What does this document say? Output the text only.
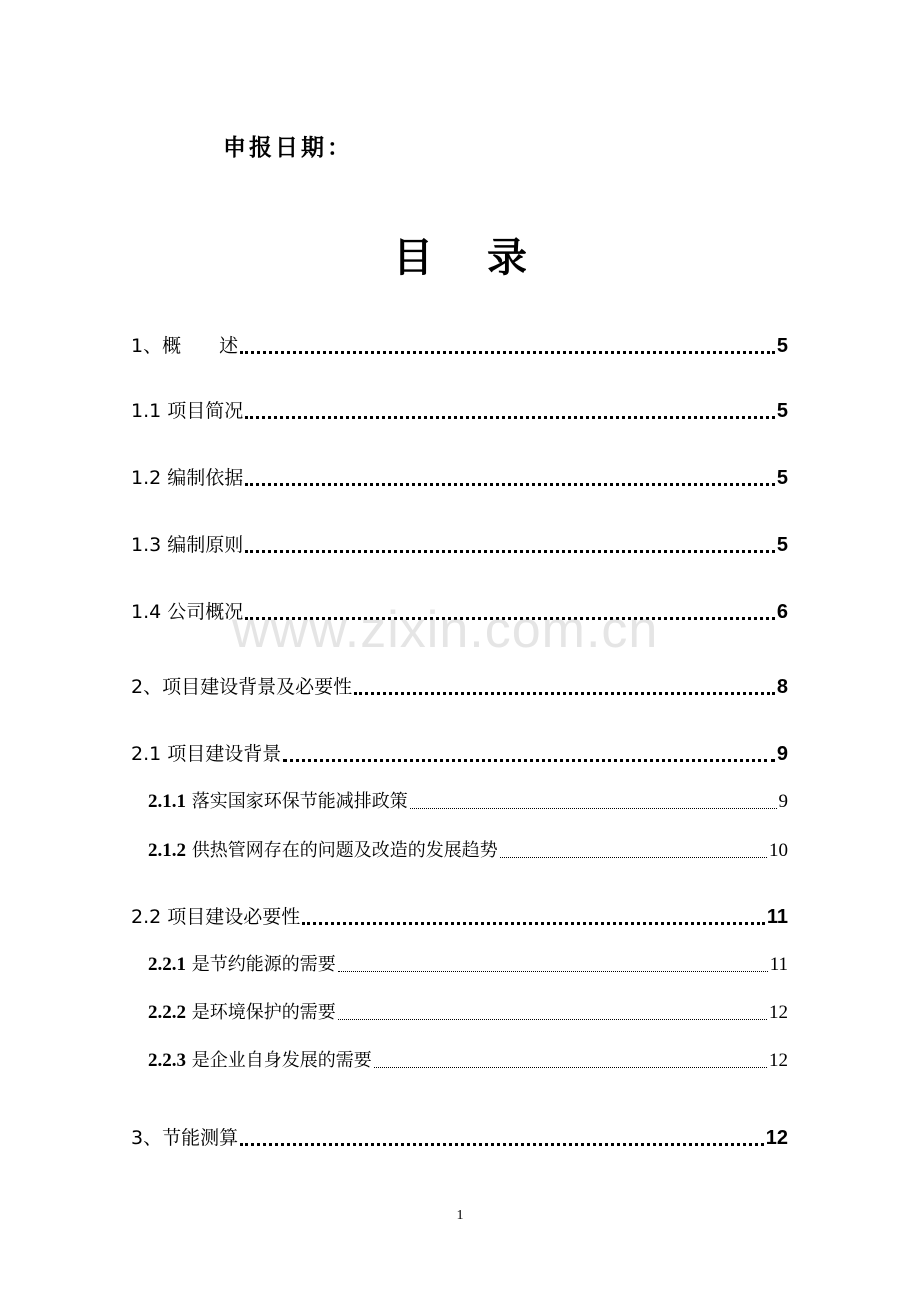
申报日期：
目　 录
1、概　　述	5
1.1 项目简况	5
1.2 编制依据	5
1.3 编制原则	5
1.4 公司概况	6
2、项目建设背景及必要性	8
2.1 项目建设背景	9
2.1.1 落实国家环保节能减排政策	9
2.1.2 供热管网存在的问题及改造的发展趋势	10
2.2 项目建设必要性	11
2.2.1 是节约能源的需要	11
2.2.2 是环境保护的需要	12
2.2.3 是企业自身发展的需要	12
3、节能测算	12
www.zixin.com.cn
1
